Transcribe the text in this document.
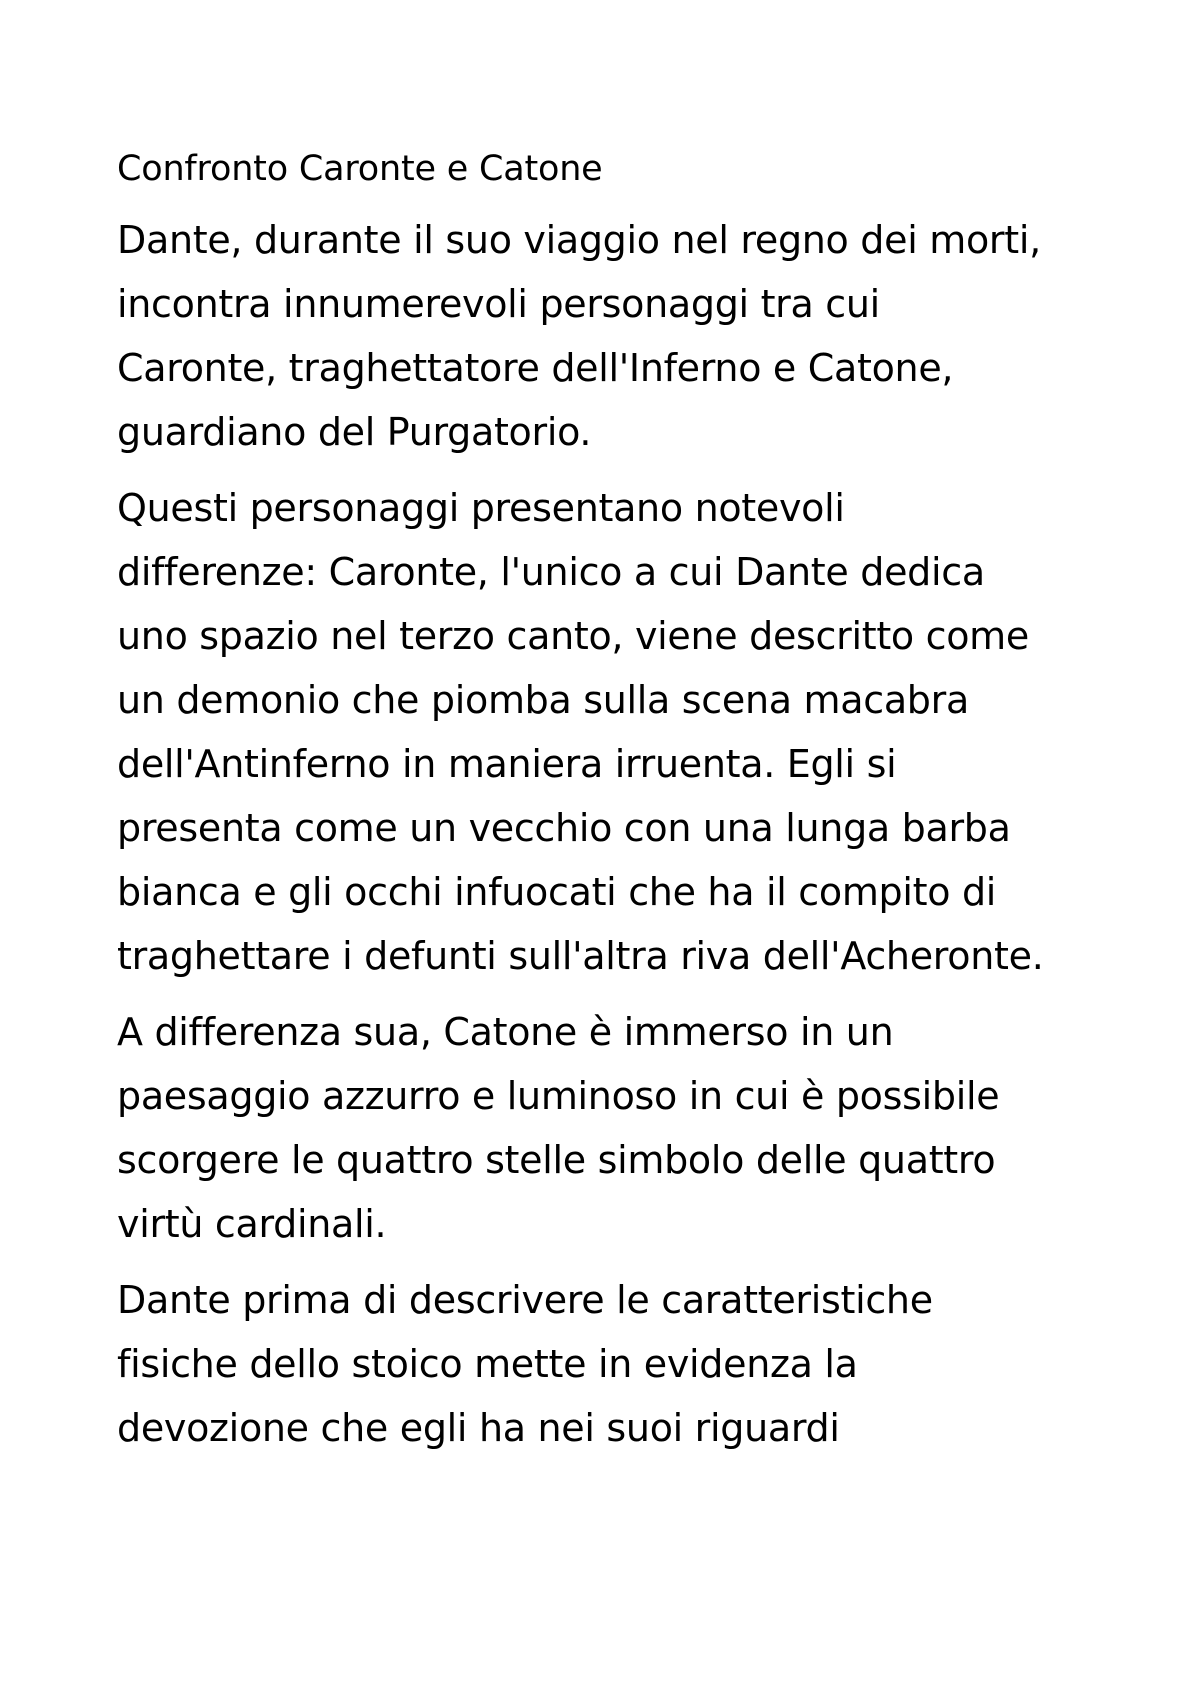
Confronto Caronte e Catone

Dante, durante il suo viaggio nel regno dei morti,
incontra innumerevoli personaggi tra cui
Caronte, traghettatore dell'Inferno e Catone,
guardiano del Purgatorio.

Questi personaggi presentano notevoli
differenze: Caronte, l'unico a cui Dante dedica
uno spazio nel terzo canto, viene descritto come
un demonio che piomba sulla scena macabra
dell'Antinferno in maniera irruenta. Egli si
presenta come un vecchio con una lunga barba
bianca e gli occhi infuocati che ha il compito di
traghettare i defunti sull'altra riva dell'Acheronte.

A differenza sua, Catone è immerso in un
paesaggio azzurro e luminoso in cui è possibile
scorgere le quattro stelle simbolo delle quattro
virtù cardinali.

Dante prima di descrivere le caratteristiche
fisiche dello stoico mette in evidenza la
devozione che egli ha nei suoi riguardi
